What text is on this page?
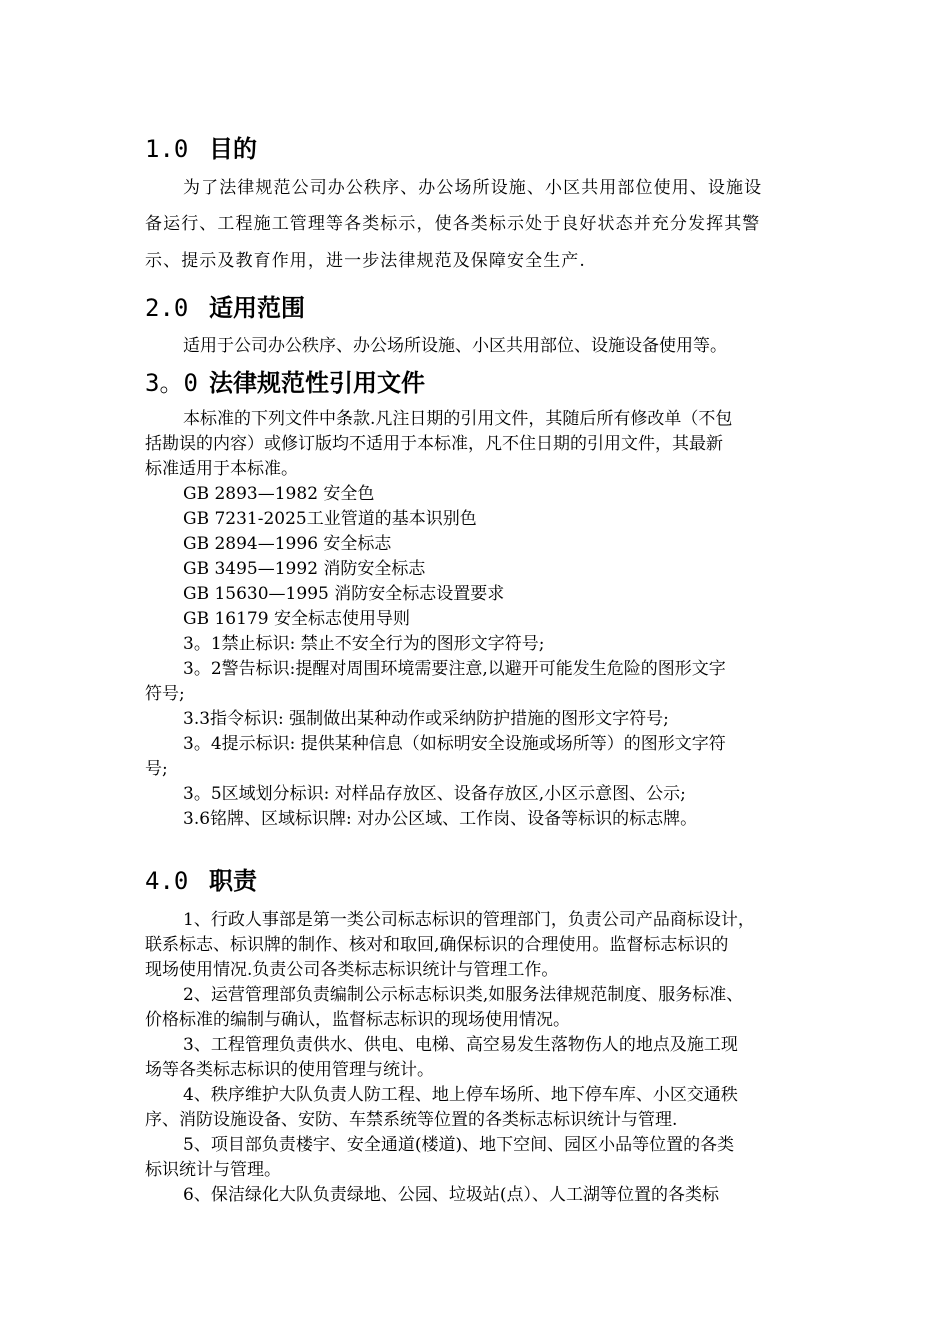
1.0 目的
为了法律规范公司办公秩序、办公场所设施、小区共用部位使用、设施设
备运行、工程施工管理等各类标示，使各类标示处于良好状态并充分发挥其警
示、提示及教育作用，进一步法律规范及保障安全生产.
2.0 适用范围
适用于公司办公秩序、办公场所设施、小区共用部位、设施设备使用等。
3。0 法律规范性引用文件
本标准的下列文件中条款.凡注日期的引用文件，其随后所有修改单（不包
括勘误的内容）或修订版均不适用于本标准，凡不住日期的引用文件，其最新
标准适用于本标准。
GB 2893—1982 安全色
GB 7231-2025工业管道的基本识别色
GB 2894—1996 安全标志
GB 3495—1992 消防安全标志
GB 15630—1995 消防安全标志设置要求
GB 16179 安全标志使用导则
3。1禁止标识: 禁止不安全行为的图形文字符号;
3。2警告标识:提醒对周围环境需要注意,以避开可能发生危险的图形文字
符号;
3.3指令标识: 强制做出某种动作或采纳防护措施的图形文字符号;
3。4提示标识: 提供某种信息（如标明安全设施或场所等）的图形文字符
号;
3。5区域划分标识: 对样品存放区、设备存放区,小区示意图、公示;
3.6铭牌、区域标识牌: 对办公区域、工作岗、设备等标识的标志牌。
4.0 职责
1、行政人事部是第一类公司标志标识的管理部门，负责公司产品商标设计，
联系标志、标识牌的制作、核对和取回,确保标识的合理使用。监督标志标识的
现场使用情况.负责公司各类标志标识统计与管理工作。
2、运营管理部负责编制公示标志标识类,如服务法律规范制度、服务标准、
价格标准的编制与确认，监督标志标识的现场使用情况。
3、工程管理负责供水、供电、电梯、高空易发生落物伤人的地点及施工现
场等各类标志标识的使用管理与统计。
4、秩序维护大队负责人防工程、地上停车场所、地下停车库、小区交通秩
序、消防设施设备、安防、车禁系统等位置的各类标志标识统计与管理.
5、项目部负责楼宇、安全通道(楼道)、地下空间、园区小品等位置的各类
标识统计与管理。
6、保洁绿化大队负责绿地、公园、垃圾站(点）、人工湖等位置的各类标
